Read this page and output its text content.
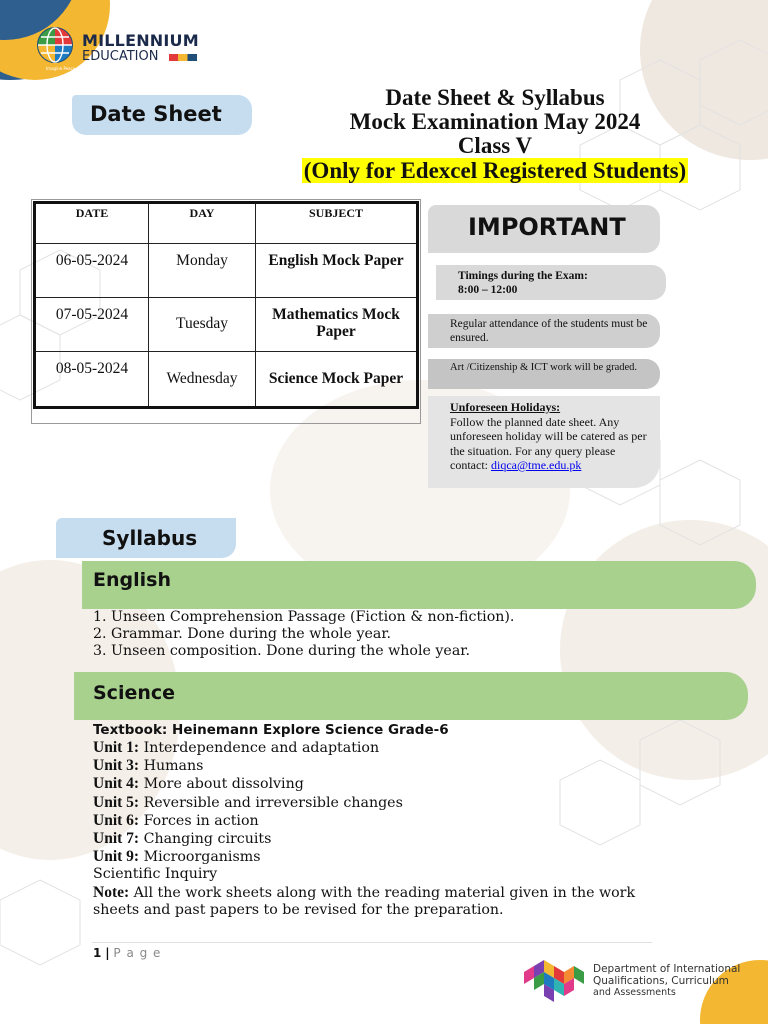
MILLENNIUM
EDUCATION
Imagine Peace
Date Sheet
Date Sheet & Syllabus
Mock Examination May 2024
Class V
(Only for Edexcel Registered Students)
DATE	DAY	SUBJECT
06-05-2024	Monday	English Mock Paper
07-05-2024	Tuesday	Mathematics Mock Paper
08-05-2024	Wednesday	Science Mock Paper
IMPORTANT
Timings during the Exam:
8:00 – 12:00
Regular attendance of the students must be ensured.
Art /Citizenship & ICT work will be graded.
Unforeseen Holidays:
Follow the planned date sheet. Any unforeseen holiday will be catered as per the situation. For any query please contact: diqca@tme.edu.pk
Syllabus
English
1. Unseen Comprehension Passage (Fiction & non-fiction).
2. Grammar. Done during the whole year.
3. Unseen composition. Done during the whole year.
Science
Textbook: Heinemann Explore Science Grade-6
Unit 1: Interdependence and adaptation
Unit 3: Humans
Unit 4: More about dissolving
Unit 5: Reversible and irreversible changes
Unit 6: Forces in action
Unit 7: Changing circuits
Unit 9: Microorganisms
Scientific Inquiry
Note: All the work sheets along with the reading material given in the work sheets and past papers to be revised for the preparation.
1 | P a g e
Department of International
Qualifications, Curriculum
and Assessments
